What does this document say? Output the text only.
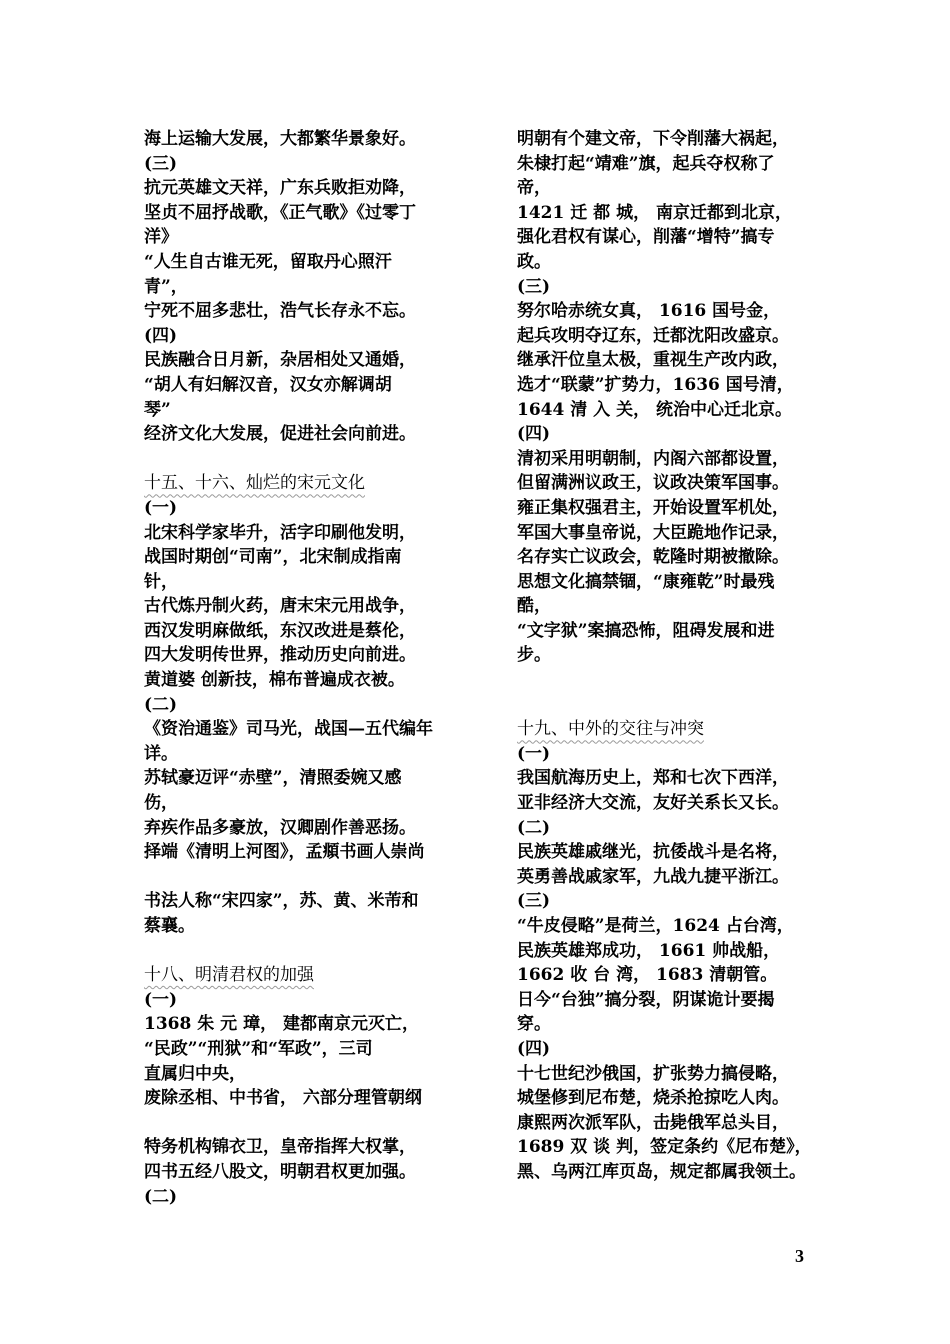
海上运输大发展，大都繁华景象好。
(三)
抗元英雄文天祥，广东兵败拒劝降，
坚贞不屈抒战歌，《正气歌》《过零丁
洋》
“人生自古谁无死，留取丹心照汗
青”，
宁死不屈多悲壮，浩气长存永不忘。
(四)
民族融合日月新，杂居相处又通婚，
“胡人有妇解汉音，汉女亦解调胡
琴”
经济文化大发展，促进社会向前进。
十五、十六、灿烂的宋元文化
(一)
北宋科学家毕升，活字印刷他发明，
战国时期创“司南”，北宋制成指南
针，
古代炼丹制火药，唐末宋元用战争，
西汉发明麻做纸，东汉改进是蔡伦，
四大发明传世界，推动历史向前进。
黄道婆 创新技，棉布普遍成衣被。
(二)
《资治通鉴》司马光，战国—五代编年
详。
苏轼豪迈评“赤壁”，清照委婉又感
伤，
弃疾作品多豪放，汉卿剧作善恶扬。
择端《清明上河图》，孟頫书画人崇尚
书法人称“宋四家”，苏、黄、米芾和
蔡襄。
十八、明清君权的加强
(一)
1368 朱 元 璋， 建都南京元灭亡，
“民政”“刑狱”和“军政”，三司
直属归中央，
废除丞相、中书省， 六部分理管朝纲
特务机构锦衣卫，皇帝指挥大权掌，
四书五经八股文，明朝君权更加强。
(二)
明朝有个建文帝，下令削藩大祸起，
朱棣打起“靖难”旗，起兵夺权称了
帝，
1421 迁 都 城， 南京迁都到北京，
强化君权有谋心，削藩“增特”搞专
政。
(三)
努尔哈赤统女真， 1616 国号金，
起兵攻明夺辽东，迁都沈阳改盛京。
继承汗位皇太极，重视生产改内政，
选才“联蒙”扩势力，1636 国号清，
1644 清 入 关， 统治中心迁北京。
(四)
清初采用明朝制，内阁六部都设置，
但留满洲议政王，议政决策军国事。
雍正集权强君主，开始设置军机处，
军国大事皇帝说，大臣跪地作记录，
名存实亡议政会，乾隆时期被撤除。
思想文化搞禁锢，“康雍乾”时最残
酷，
“文字狱”案搞恐怖，阻碍发展和进
步。
十九、中外的交往与冲突
(一)
我国航海历史上，郑和七次下西洋，
亚非经济大交流，友好关系长又长。
(二)
民族英雄戚继光，抗倭战斗是名将，
英勇善战戚家军，九战九捷平浙江。
(三)
“牛皮侵略”是荷兰，1624 占台湾，
民族英雄郑成功， 1661 帅战船，
1662 收 台 湾， 1683 清朝管。
日今“台独”搞分裂，阴谋诡计要揭
穿。
(四)
十七世纪沙俄国，扩张势力搞侵略，
城堡修到尼布楚，烧杀抢掠吃人肉。
康熙两次派军队，击毙俄军总头目，
1689 双 谈 判，签定条约《尼布楚》，
黑、乌两江库页岛，规定都属我领土。
3
